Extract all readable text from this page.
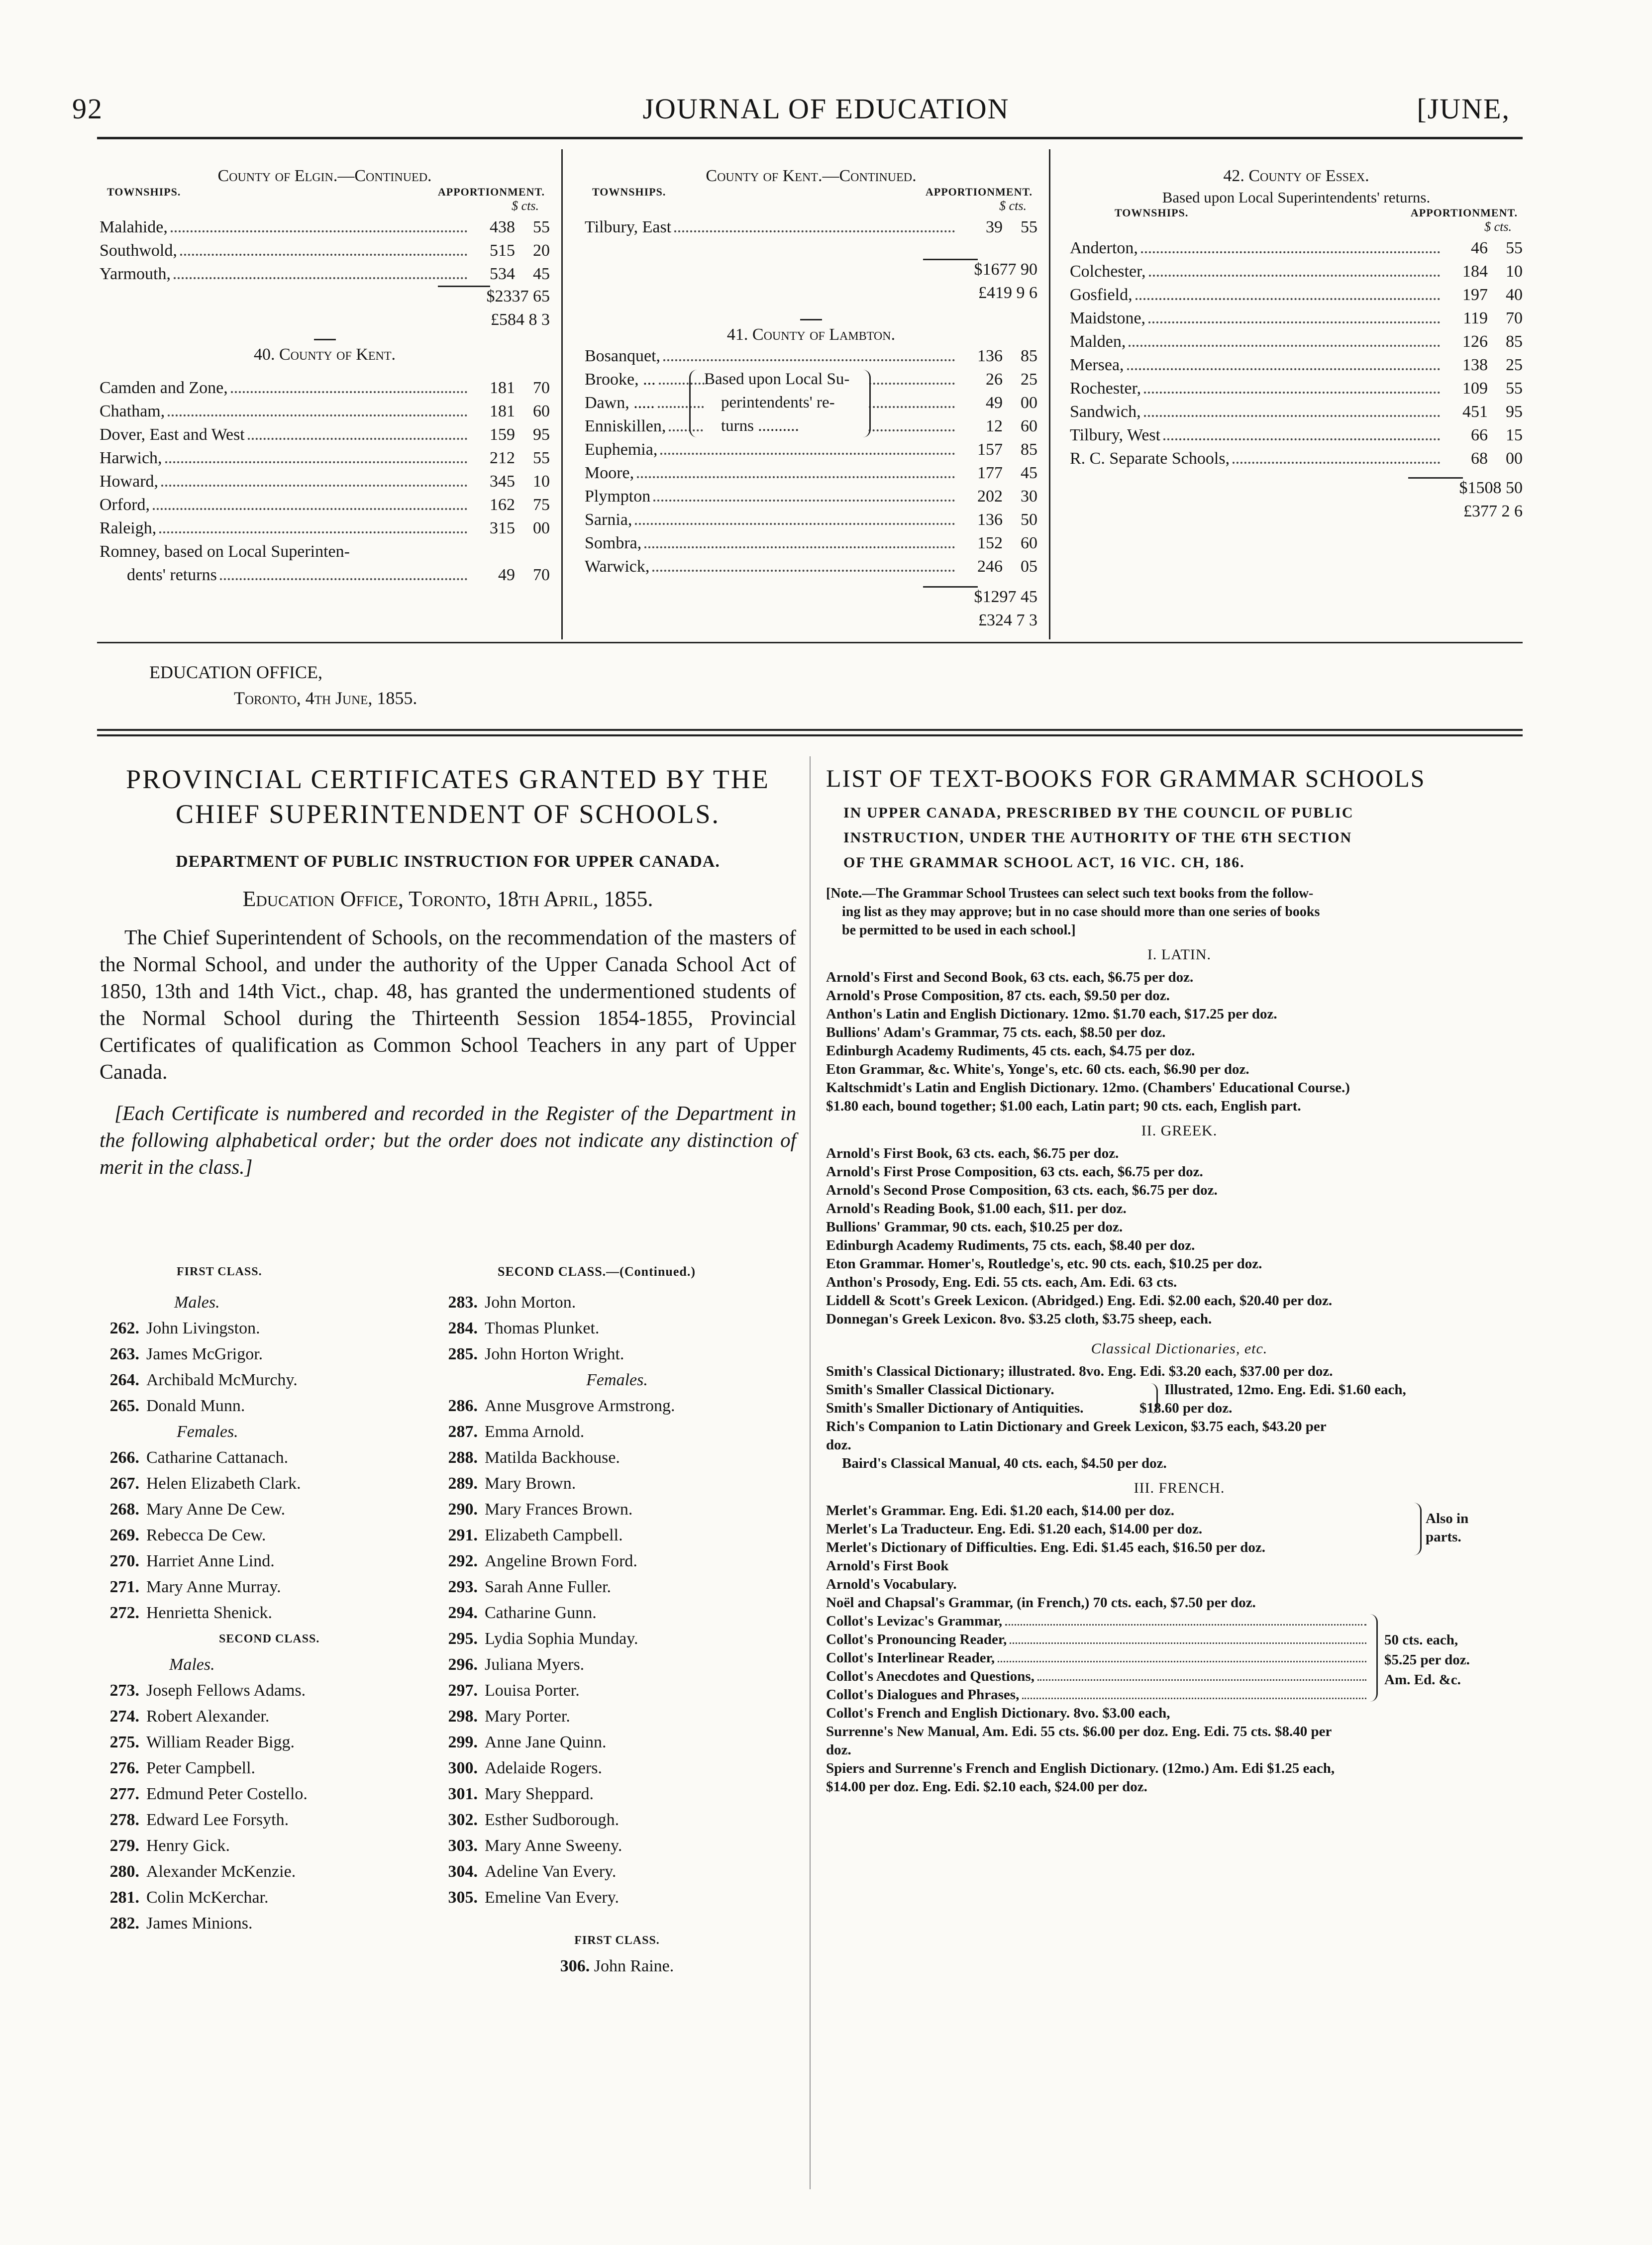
92	JOURNAL OF EDUCATION	[JUNE,
County of Elgin.—Continued.
TOWNSHIPS.	APPORTIONMENT.
$ cts.
Malahide,	438	55
Southwold,	515	20
Yarmouth,	534	45
$2337 65
£584 8 3
40. County of Kent.
Camden and Zone,	181	70
Chatham,	181	60
Dover, East and West	159	95
Harwich,	212	55
Howard,	345	10
Orford,	162	75
Raleigh,	315	00
Romney, based on Local Superinten-
dents' returns	49	70
County of Kent.—Continued.
TOWNSHIPS.	APPORTIONMENT.
$ cts.
Tilbury, East	39	55
$1677 90
£419 9 6
41. County of Lambton.
Bosanquet,	136	85
Brooke, ...	26	25
Dawn, .....	49	00
Enniskillen,	12	60
Euphemia,	157	85
Moore,	177	45
Plympton	202	30
Sarnia,	136	50
Sombra,	152	60
Warwick,	246	05
Based upon Local Su-
perintendents' re-
turns ..........
$1297 45
£324 7 3
42. County of Essex.
Based upon Local Superintendents' returns.
TOWNSHIPS.	APPORTIONMENT.
$ cts.
Anderton,	46	55
Colchester,	184	10
Gosfield,	197	40
Maidstone,	119	70
Malden,	126	85
Mersea,	138	25
Rochester,	109	55
Sandwich,	451	95
Tilbury, West	66	15
R. C. Separate Schools,	68	00
$1508 50
£377 2 6
EDUCATION OFFICE,
Toronto, 4th June, 1855.
PROVINCIAL CERTIFICATES GRANTED BY THE
CHIEF SUPERINTENDENT OF SCHOOLS.
DEPARTMENT OF PUBLIC INSTRUCTION FOR UPPER CANADA.
Education Office, Toronto, 18th April, 1855.
The Chief Superintendent of Schools, on the recommendation of the masters of the Normal School, and under the authority of the Upper Canada School Act of 1850, 13th and 14th Vict., chap. 48, has granted the undermentioned students of the Normal School during the Thirteenth Session 1854-1855, Provincial Certificates of qualification as Common School Teachers in any part of Upper Canada.
[Each Certificate is numbered and recorded in the Register of the Department in the following alphabetical order; but the order does not indicate any distinction of merit in the class.]
FIRST CLASS.
Males.
262. John Livingston.
263. James McGrigor.
264. Archibald McMurchy.
265. Donald Munn.
Females.
266. Catharine Cattanach.
267. Helen Elizabeth Clark.
268. Mary Anne De Cew.
269. Rebecca De Cew.
270. Harriet Anne Lind.
271. Mary Anne Murray.
272. Henrietta Shenick.
SECOND CLASS.
Males.
273. Joseph Fellows Adams.
274. Robert Alexander.
275. William Reader Bigg.
276. Peter Campbell.
277. Edmund Peter Costello.
278. Edward Lee Forsyth.
279. Henry Gick.
280. Alexander McKenzie.
281. Colin McKerchar.
282. James Minions.
SECOND CLASS.—(Continued.)
283. John Morton.
284. Thomas Plunket.
285. John Horton Wright.
Females.
286. Anne Musgrove Armstrong.
287. Emma Arnold.
288. Matilda Backhouse.
289. Mary Brown.
290. Mary Frances Brown.
291. Elizabeth Campbell.
292. Angeline Brown Ford.
293. Sarah Anne Fuller.
294. Catharine Gunn.
295. Lydia Sophia Munday.
296. Juliana Myers.
297. Louisa Porter.
298. Mary Porter.
299. Anne Jane Quinn.
300. Adelaide Rogers.
301. Mary Sheppard.
302. Esther Sudborough.
303. Mary Anne Sweeny.
304. Adeline Van Every.
305. Emeline Van Every.
FIRST CLASS.
306. John Raine.
LIST OF TEXT-BOOKS FOR GRAMMAR SCHOOLS
IN UPPER CANADA, PRESCRIBED BY THE COUNCIL OF PUBLIC
INSTRUCTION, UNDER THE AUTHORITY OF THE 6TH SECTION
OF THE GRAMMAR SCHOOL ACT, 16 VIC. CH, 186.
[Note.—The Grammar School Trustees can select such text books from the follow-
ing list as they may approve; but in no case should more than one series of books
be permitted to be used in each school.]
I. LATIN.
Arnold's First and Second Book, 63 cts. each, $6.75 per doz.
Arnold's Prose Composition, 87 cts. each, $9.50 per doz.
Anthon's Latin and English Dictionary. 12mo. $1.70 each, $17.25 per doz.
Bullions' Adam's Grammar, 75 cts. each, $8.50 per doz.
Edinburgh Academy Rudiments, 45 cts. each, $4.75 per doz.
Eton Grammar, &c. White's, Yonge's, etc. 60 cts. each, $6.90 per doz.
Kaltschmidt's Latin and English Dictionary. 12mo. (Chambers' Educational Course.)
$1.80 each, bound together; $1.00 each, Latin part; 90 cts. each, English part.
II. GREEK.
Arnold's First Book, 63 cts. each, $6.75 per doz.
Arnold's First Prose Composition, 63 cts. each, $6.75 per doz.
Arnold's Second Prose Composition, 63 cts. each, $6.75 per doz.
Arnold's Reading Book, $1.00 each, $11. per doz.
Bullions' Grammar, 90 cts. each, $10.25 per doz.
Edinburgh Academy Rudiments, 75 cts. each, $8.40 per doz.
Eton Grammar. Homer's, Routledge's, etc. 90 cts. each, $10.25 per doz.
Anthon's Prosody, Eng. Edi. 55 cts. each, Am. Edi. 63 cts.
Liddell & Scott's Greek Lexicon. (Abridged.) Eng. Edi. $2.00 each, $20.40 per doz.
Donnegan's Greek Lexicon. 8vo. $3.25 cloth, $3.75 sheep, each.
Classical Dictionaries, etc.
Smith's Classical Dictionary; illustrated. 8vo. Eng. Edi. $3.20 each, $37.00 per doz.
Smith's Smaller Classical Dictionary.
Smith's Smaller Dictionary of Antiquities.
Illustrated, 12mo. Eng. Edi. $1.60 each,
$18.60 per doz.
Rich's Companion to Latin Dictionary and Greek Lexicon, $3.75 each, $43.20 per
doz.
Baird's Classical Manual, 40 cts. each, $4.50 per doz.
III. FRENCH.
Merlet's Grammar. Eng. Edi. $1.20 each, $14.00 per doz.
Merlet's La Traducteur. Eng. Edi. $1.20 each, $14.00 per doz.
Merlet's Dictionary of Difficulties. Eng. Edi. $1.45 each, $16.50 per doz.
Also in
parts.
Arnold's First Book
Arnold's Vocabulary.
Noël and Chapsal's Grammar, (in French,) 70 cts. each, $7.50 per doz.
Collot's Levizac's Grammar,
Collot's Pronouncing Reader,
Collot's Interlinear Reader,
Collot's Anecdotes and Questions,
Collot's Dialogues and Phrases,
50 cts. each,
$5.25 per doz.
Am. Ed. &c.
Collot's French and English Dictionary. 8vo. $3.00 each,
Surrenne's New Manual, Am. Edi. 55 cts. $6.00 per doz. Eng. Edi. 75 cts. $8.40 per
doz.
Spiers and Surrenne's French and English Dictionary. (12mo.) Am. Edi $1.25 each,
$14.00 per doz. Eng. Edi. $2.10 each, $24.00 per doz.
